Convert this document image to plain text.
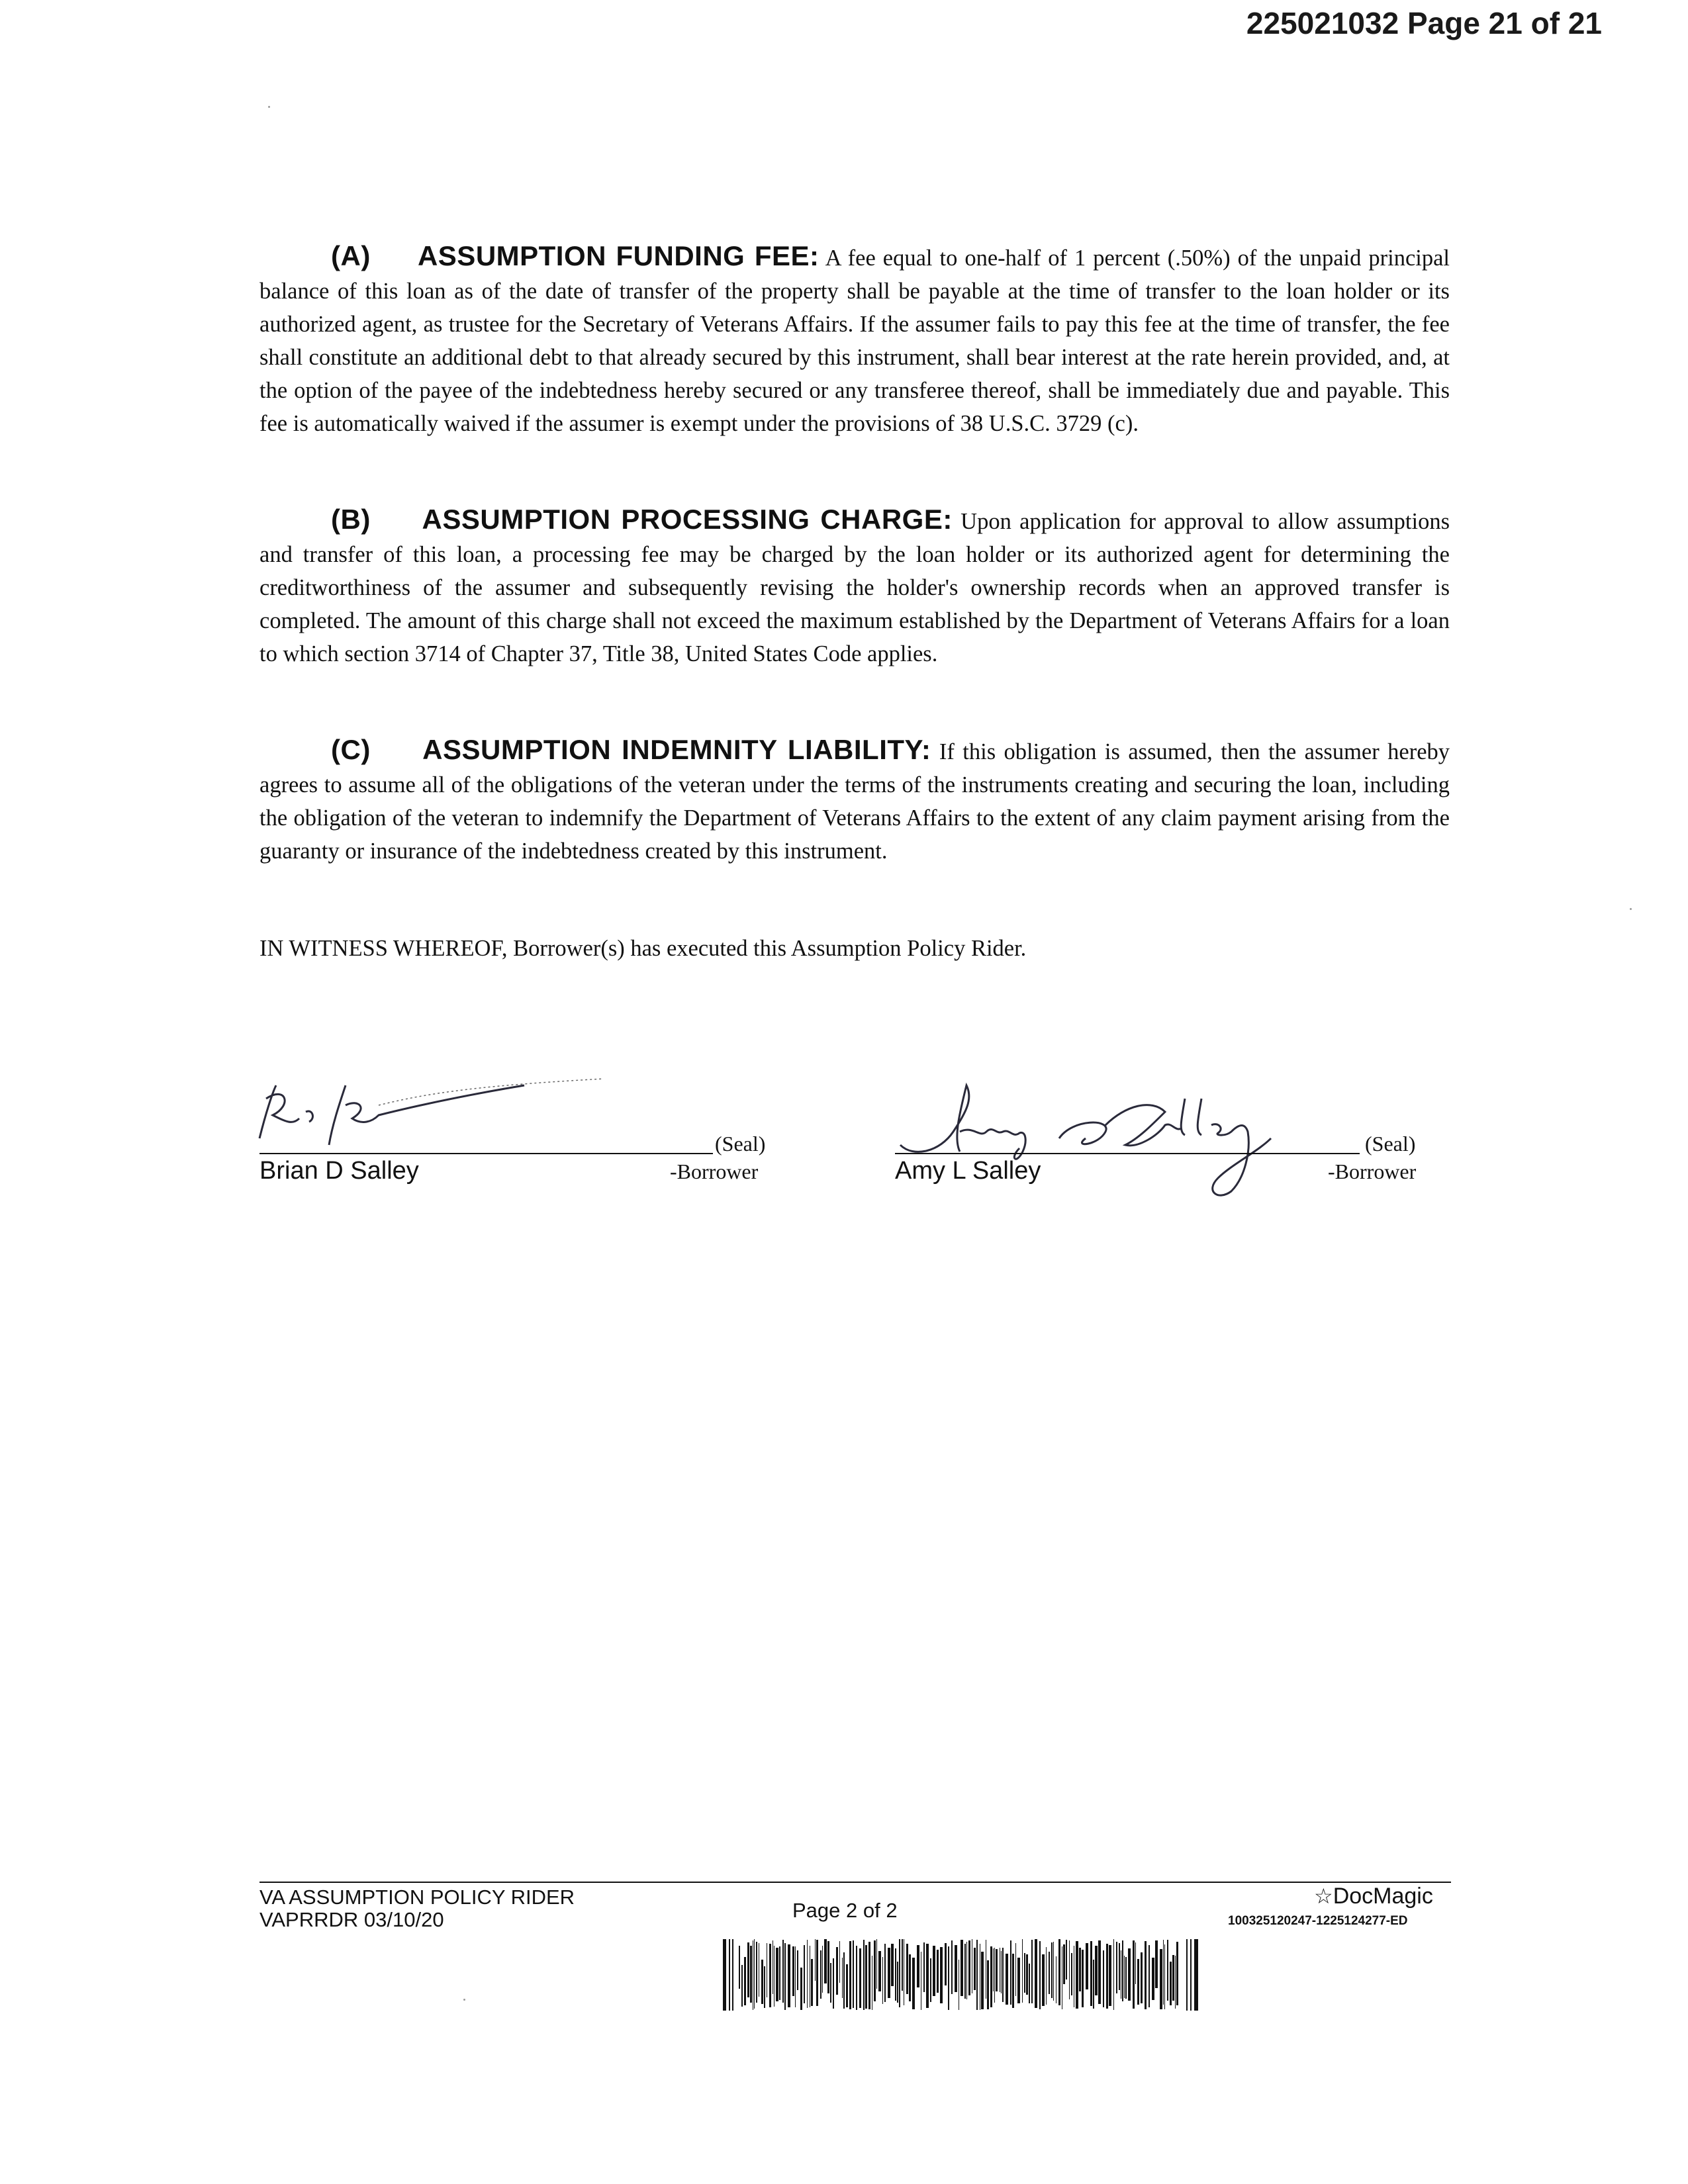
225021032 Page 21 of 21
(A)     ASSUMPTION FUNDING FEE: A fee equal to one-half of 1 percent (.50%) of the unpaid principal balance of this loan as of the date of transfer of the property shall be payable at the time of transfer to the loan holder or its authorized agent, as trustee for the Secretary of Veterans Affairs. If the assumer fails to pay this fee at the time of transfer, the fee shall constitute an additional debt to that already secured by this instrument, shall bear interest at the rate herein provided, and, at the option of the payee of the indebtedness hereby secured or any transferee thereof, shall be immediately due and payable. This fee is automatically waived if the assumer is exempt under the provisions of 38 U.S.C. 3729 (c).
(B)     ASSUMPTION PROCESSING CHARGE: Upon application for approval to allow assumptions and transfer of this loan, a processing fee may be charged by the loan holder or its authorized agent for determining the creditworthiness of the assumer and subsequently revising the holder's ownership records when an approved transfer is completed. The amount of this charge shall not exceed the maximum established by the Department of Veterans Affairs for a loan to which section 3714 of Chapter 37, Title 38, United States Code applies.
(C)     ASSUMPTION INDEMNITY LIABILITY: If this obligation is assumed, then the assumer hereby agrees to assume all of the obligations of the veteran under the terms of the instruments creating and securing the loan, including the obligation of the veteran to indemnify the Department of Veterans Affairs to the extent of any claim payment arising from the guaranty or insurance of the indebtedness created by this instrument.
IN WITNESS WHEREOF, Borrower(s) has executed this Assumption Policy Rider.
(Seal)
Brian D Salley	-Borrower
(Seal)
Amy L Salley	-Borrower
VA ASSUMPTION POLICY RIDER
VAPRRDR 03/10/20	Page 2 of 2
☆DocMagic
100325120247-1225124277-ED
